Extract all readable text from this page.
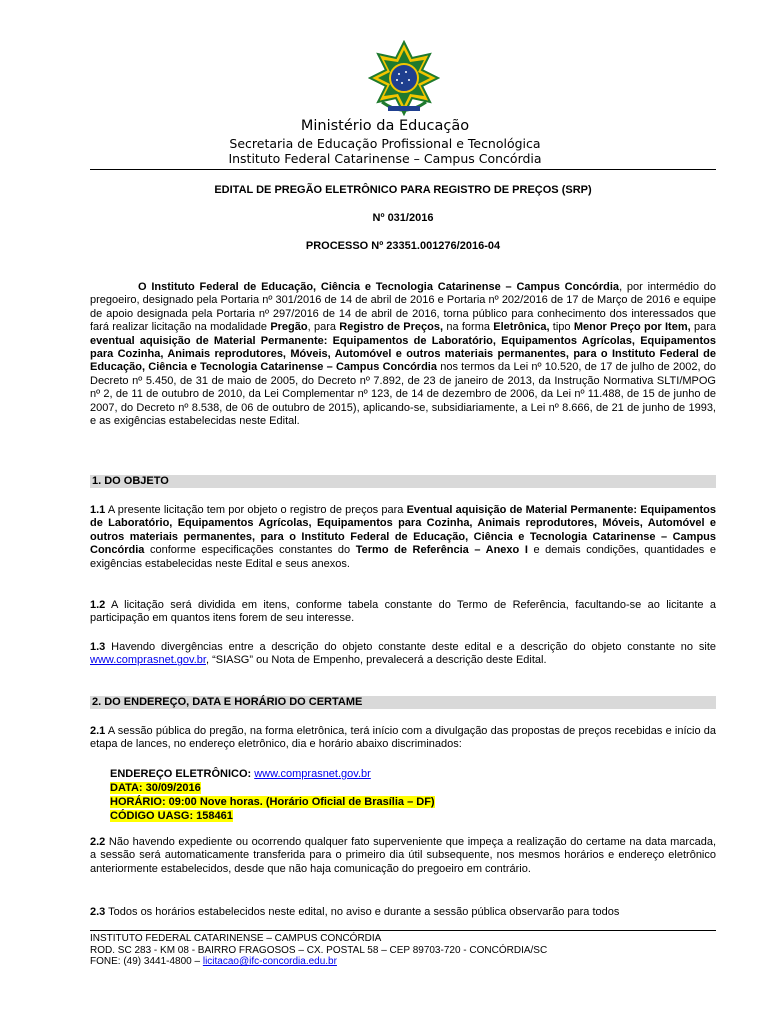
Ministério da Educação
Secretaria de Educação Profissional e Tecnológica
Instituto Federal Catarinense – Campus Concórdia
EDITAL DE PREGÃO ELETRÔNICO PARA REGISTRO DE PREÇOS (SRP)
Nº 031/2016
PROCESSO Nº 23351.001276/2016-04
O Instituto Federal de Educação, Ciência e Tecnologia Catarinense – Campus Concórdia, por intermédio do pregoeiro, designado pela Portaria nº 301/2016 de 14 de abril de 2016 e Portaria nº 202/2016 de 17 de Março de 2016 e equipe de apoio designada pela Portaria nº 297/2016 de 14 de abril de 2016, torna público para conhecimento dos interessados que fará realizar licitação na modalidade Pregão, para Registro de Preços, na forma Eletrônica, tipo Menor Preço por Item, para eventual aquisição de Material Permanente: Equipamentos de Laboratório, Equipamentos Agrícolas, Equipamentos para Cozinha, Animais reprodutores, Móveis, Automóvel e outros materiais permanentes, para o Instituto Federal de Educação, Ciência e Tecnologia Catarinense – Campus Concórdia nos termos da Lei nº 10.520, de 17 de julho de 2002, do Decreto nº 5.450, de 31 de maio de 2005, do Decreto nº 7.892, de 23 de janeiro de 2013, da Instrução Normativa SLTI/MPOG nº 2, de 11 de outubro de 2010, da Lei Complementar nº 123, de 14 de dezembro de 2006, da Lei nº 11.488, de 15 de junho de 2007, do Decreto nº 8.538, de 06 de outubro de 2015), aplicando-se, subsidiariamente, a Lei nº 8.666, de 21 de junho de 1993, e as exigências estabelecidas neste Edital.
1. DO OBJETO
1.1 A presente licitação tem por objeto o registro de preços para Eventual aquisição de Material Permanente: Equipamentos de Laboratório, Equipamentos Agrícolas, Equipamentos para Cozinha, Animais reprodutores, Móveis, Automóvel e outros materiais permanentes, para o Instituto Federal de Educação, Ciência e Tecnologia Catarinense – Campus Concórdia conforme especificações constantes do Termo de Referência – Anexo I e demais condições, quantidades e exigências estabelecidas neste Edital e seus anexos.
1.2 A licitação será dividida em itens, conforme tabela constante do Termo de Referência, facultando-se ao licitante a participação em quantos itens forem de seu interesse.
1.3 Havendo divergências entre a descrição do objeto constante deste edital e a descrição do objeto constante no site www.comprasnet.gov.br, “SIASG” ou Nota de Empenho, prevalecerá a descrição deste Edital.
2. DO ENDEREÇO, DATA E HORÁRIO DO CERTAME
2.1 A sessão pública do pregão, na forma eletrônica, terá início com a divulgação das propostas de preços recebidas e início da etapa de lances, no endereço eletrônico, dia e horário abaixo discriminados:
ENDEREÇO ELETRÔNICO: www.comprasnet.gov.br
DATA: 30/09/2016
HORÁRIO: 09:00 Nove horas. (Horário Oficial de Brasília – DF)
CÓDIGO UASG: 158461
2.2 Não havendo expediente ou ocorrendo qualquer fato superveniente que impeça a realização do certame na data marcada, a sessão será automaticamente transferida para o primeiro dia útil subsequente, nos mesmos horários e endereço eletrônico anteriormente estabelecidos, desde que não haja comunicação do pregoeiro em contrário.
2.3 Todos os horários estabelecidos neste edital, no aviso e durante a sessão pública observarão para todos
INSTITUTO FEDERAL CATARINENSE – CAMPUS CONCÓRDIA
ROD. SC 283 - KM 08 - BAIRRO FRAGOSOS – CX. POSTAL 58 – CEP 89703-720 - CONCÓRDIA/SC
FONE: (49) 3441-4800 – licitacao@ifc-concordia.edu.br
